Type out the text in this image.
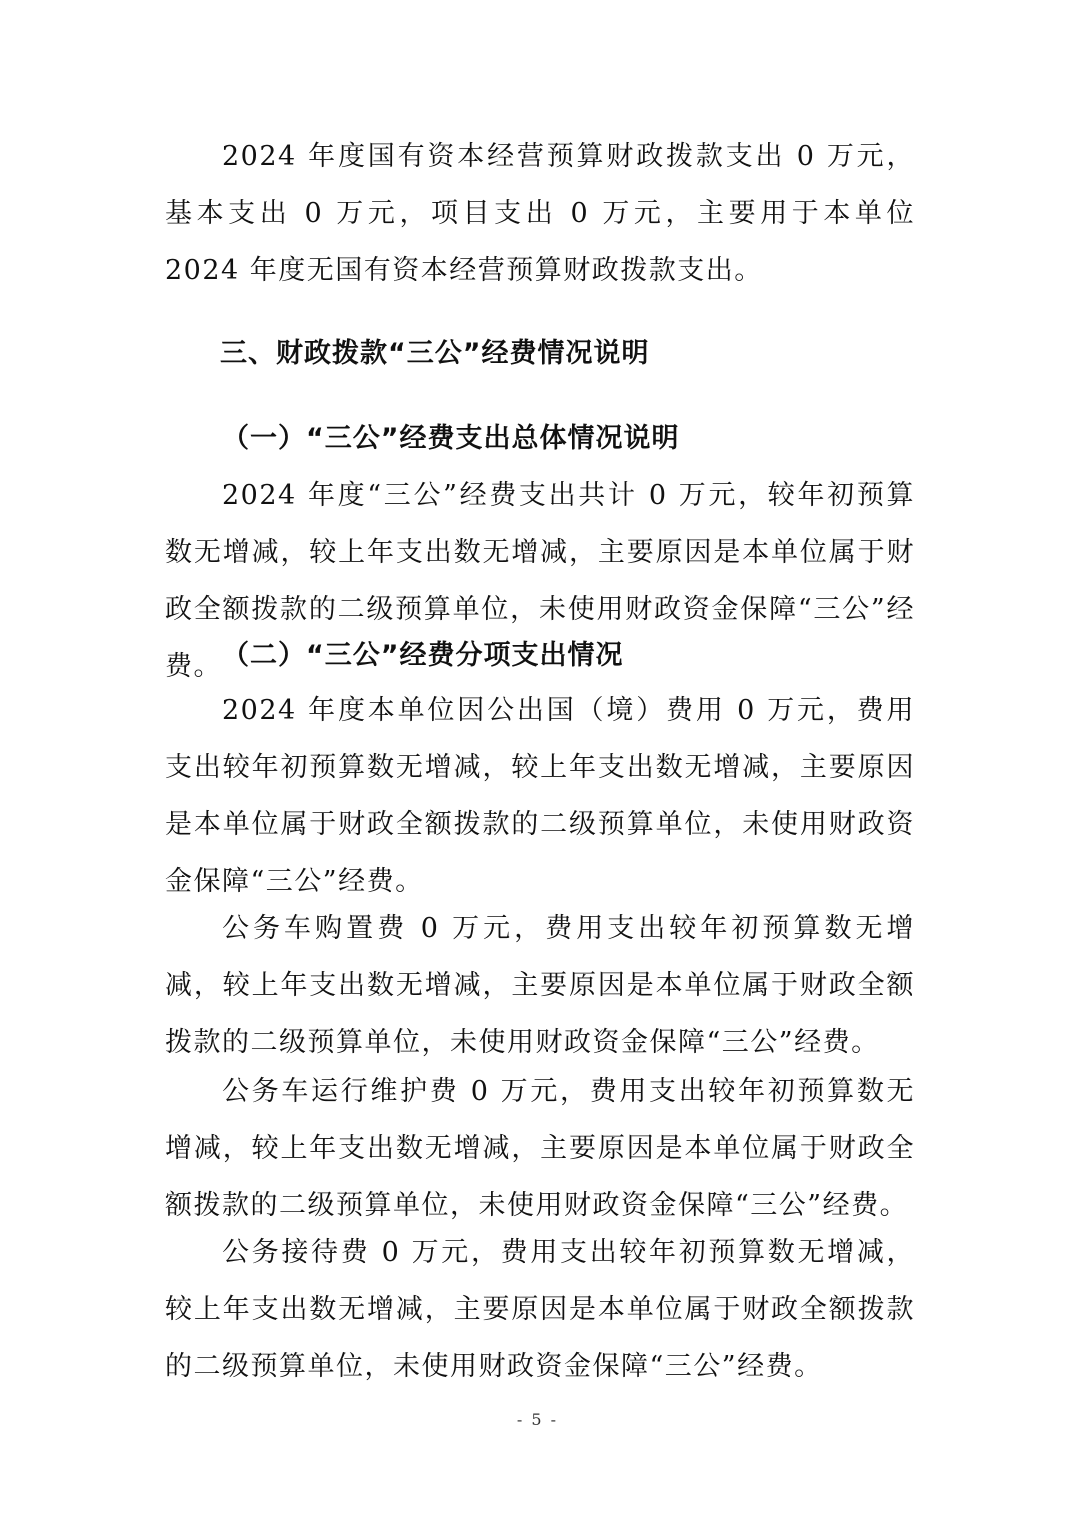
2024 年度国有资本经营预算财政拨款支出 0 万元，基本支出 0 万元，项目支出 0 万元，主要用于本单位 2024 年度无国有资本经营预算财政拨款支出。

三、财政拨款“三公”经费情况说明
（一）“三公”经费支出总体情况说明

2024 年度“三公”经费支出共计 0 万元，较年初预算数无增减，较上年支出数无增减，主要原因是本单位属于财政全额拨款的二级预算单位，未使用财政资金保障“三公”经费。 （二）“三公”经费分项支出情况

2024 年度本单位因公出国（境）费用 0 万元，费用支出较年初预算数无增减，较上年支出数无增减，主要原因是本单位属于财政全额拨款的二级预算单位，未使用财政资金保障“三公”经费。

公务车购置费 0 万元，费用支出较年初预算数无增减，较上年支出数无增减，主要原因是本单位属于财政全额拨款的二级预算单位，未使用财政资金保障“三公”经费。

公务车运行维护费 0 万元，费用支出较年初预算数无增减，较上年支出数无增减，主要原因是本单位属于财政全额拨款的二级预算单位，未使用财政资金保障“三公”经费。

公务接待费 0 万元，费用支出较年初预算数无增减，较上年支出数无增减，主要原因是本单位属于财政全额拨款的二级预算单位，未使用财政资金保障“三公”经费。

- 5 -
